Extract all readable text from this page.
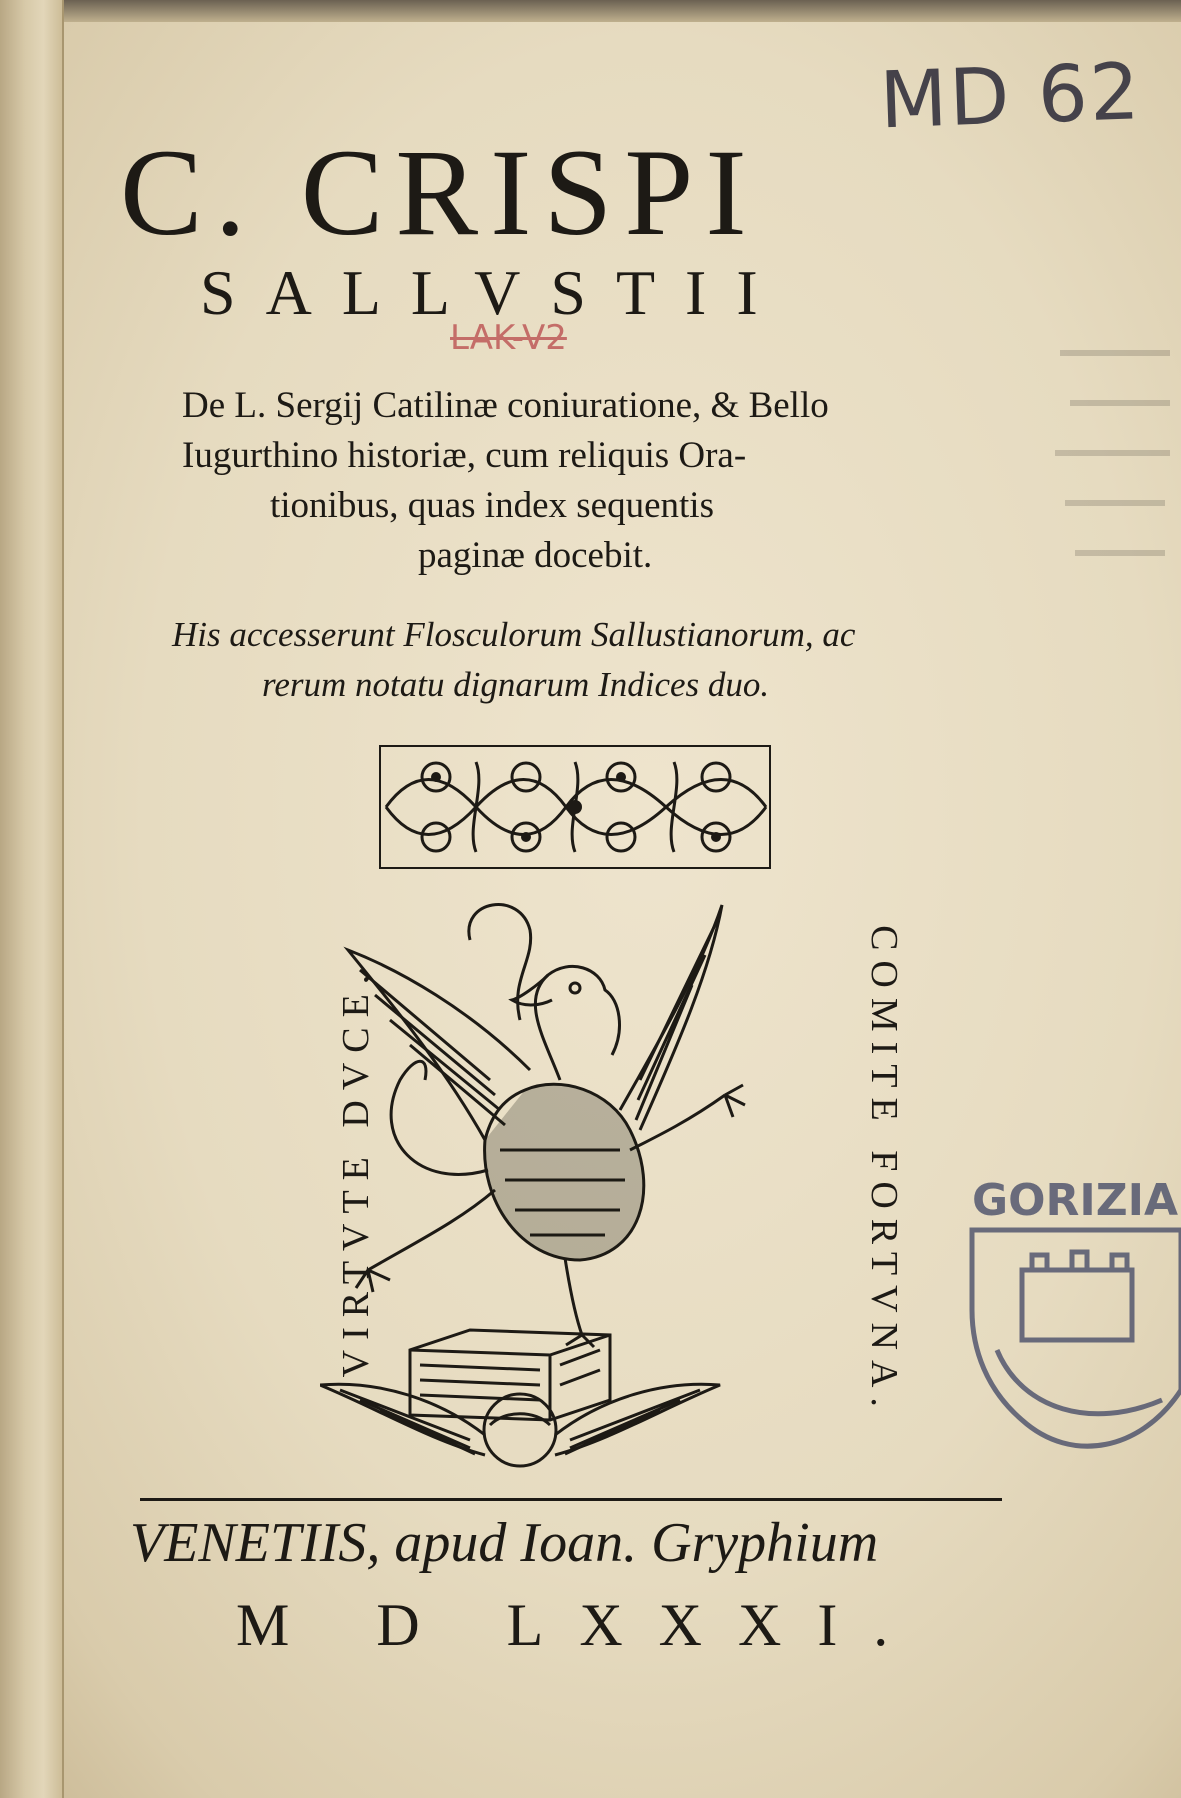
MD 62
LAK-V2
C. CRISPI
SALLVSTII
De L. Sergij Catilinæ coniuratione, & Bello
Iugurthino historiæ, cum reliquis Ora-
tionibus, quas index sequentis
paginæ docebit.
His accesserunt Flosculorum Sallustianorum, ac
rerum notatu dignarum Indices duo.
VIRTVTE DVCE,	COMITE FORTVNA.
VENETIIS, apud Ioan. Gryphium
M D LXXXI.
GORIZIA
